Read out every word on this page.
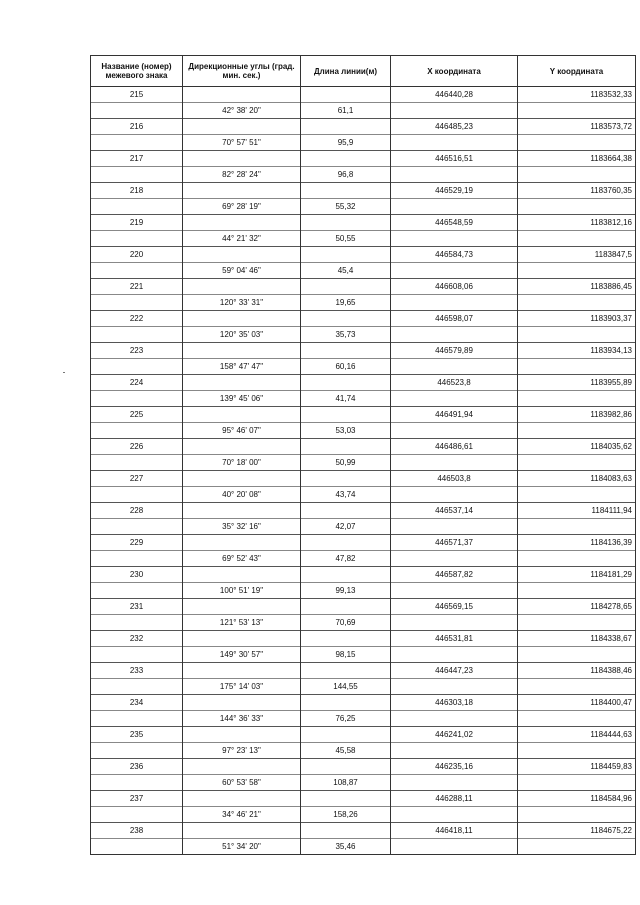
Название (номер) межевого знака	Дирекционные углы (град. мин. сек.)	Длина линии(м)	X координата	Y координата
215			446440,28	1183532,33
	42° 38' 20"	61,1		
216			446485,23	1183573,72
	70° 57' 51"	95,9		
217			446516,51	1183664,38
	82° 28' 24"	96,8		
218			446529,19	1183760,35
	69° 28' 19"	55,32		
219			446548,59	1183812,16
	44° 21' 32"	50,55		
220			446584,73	1183847,5
	59° 04' 46"	45,4		
221			446608,06	1183886,45
	120° 33' 31"	19,65		
222			446598,07	1183903,37
	120° 35' 03"	35,73		
223			446579,89	1183934,13
	158° 47' 47"	60,16		
224			446523,8	1183955,89
	139° 45' 06"	41,74		
225			446491,94	1183982,86
	95° 46' 07"	53,03		
226			446486,61	1184035,62
	70° 18' 00"	50,99		
227			446503,8	1184083,63
	40° 20' 08"	43,74		
228			446537,14	1184111,94
	35° 32' 16"	42,07		
229			446571,37	1184136,39
	69° 52' 43"	47,82		
230			446587,82	1184181,29
	100° 51' 19"	99,13		
231			446569,15	1184278,65
	121° 53' 13"	70,69		
232			446531,81	1184338,67
	149° 30' 57"	98,15		
233			446447,23	1184388,46
	175° 14' 03"	144,55		
234			446303,18	1184400,47
	144° 36' 33"	76,25		
235			446241,02	1184444,63
	97° 23' 13"	45,58		
236			446235,16	1184459,83
	60° 53' 58"	108,87		
237			446288,11	1184584,96
	34° 46' 21"	158,26		
238			446418,11	1184675,22
	51° 34' 20"	35,46		
